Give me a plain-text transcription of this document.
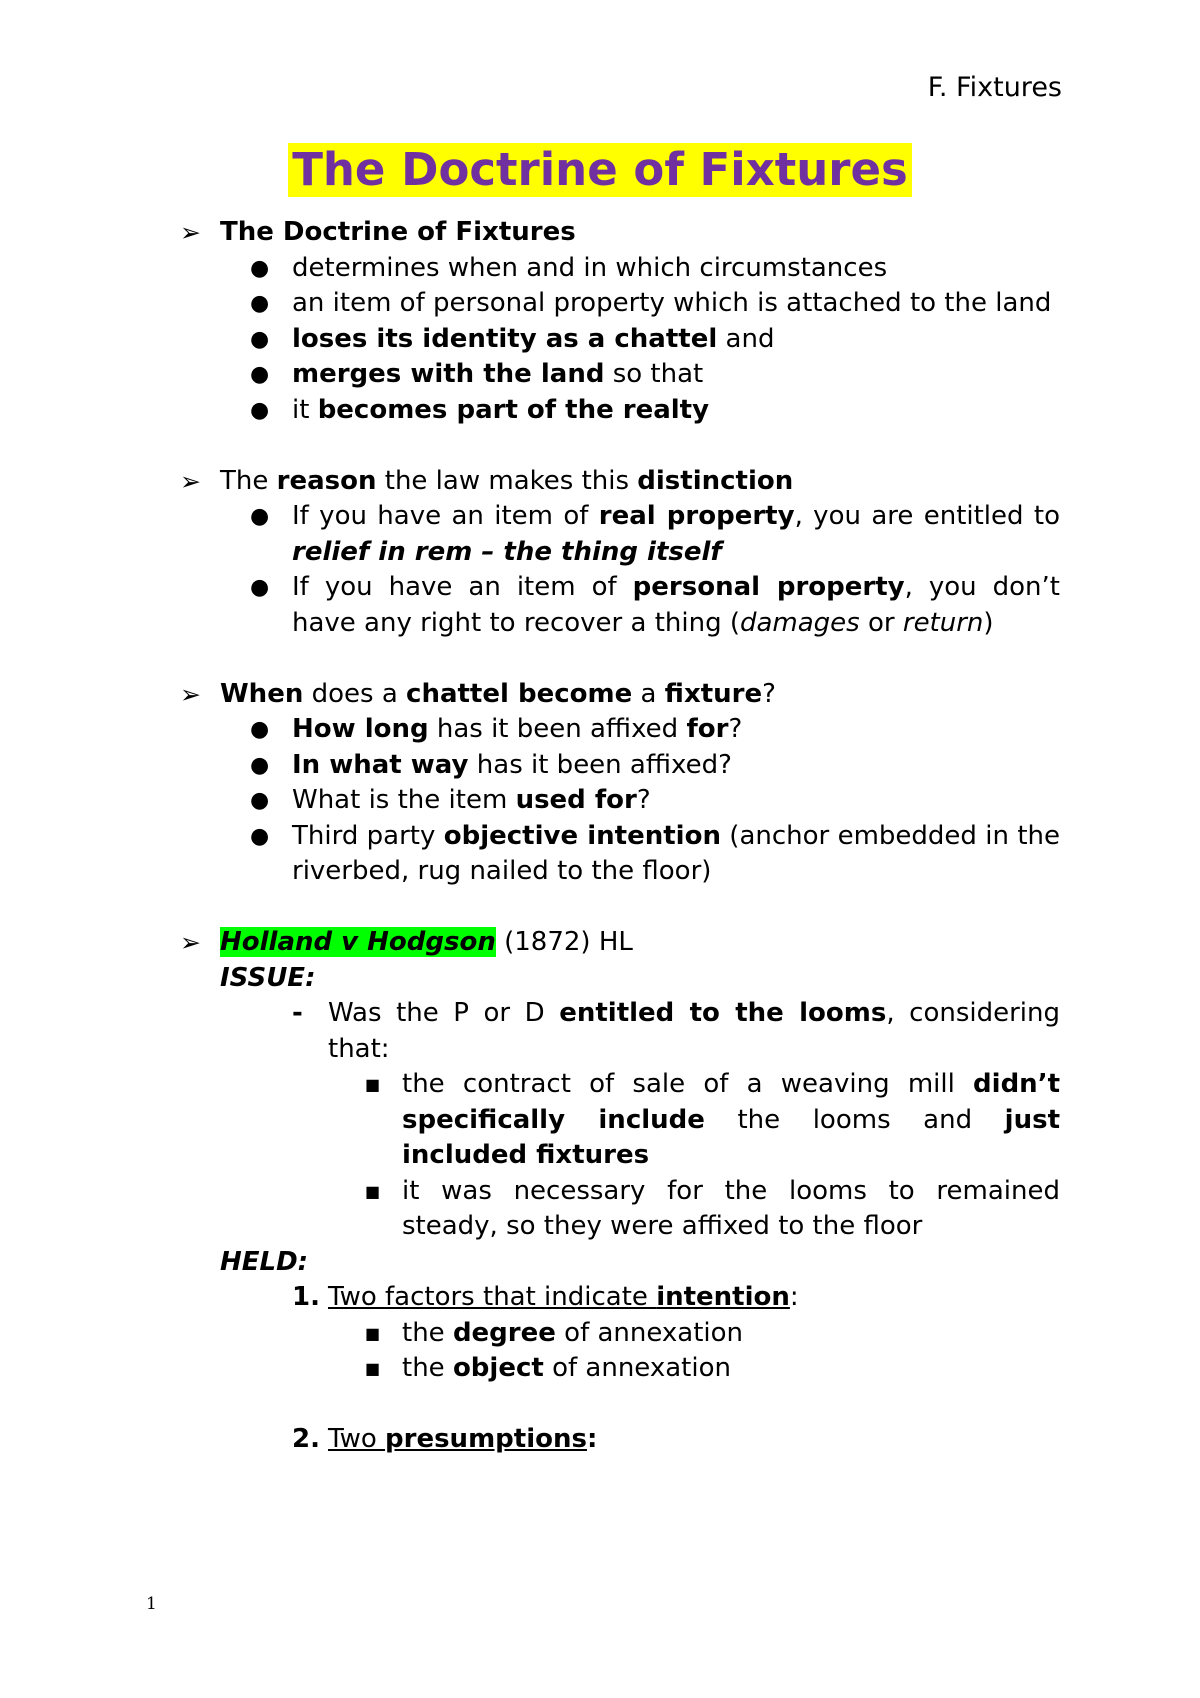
F. Fixtures
The Doctrine of Fixtures
➢ The Doctrine of Fixtures
● determines when and in which circumstances
● an item of personal property which is attached to the land
● loses its identity as a chattel and
● merges with the land so that
● it becomes part of the realty
➢ The reason the law makes this distinction
● If you have an item of real property, you are entitled to relief in rem – the thing itself
● If you have an item of personal property, you don’t have any right to recover a thing (damages or return)
➢ When does a chattel become a fixture?
● How long has it been affixed for?
● In what way has it been affixed?
● What is the item used for?
● Third party objective intention (anchor embedded in the riverbed, rug nailed to the floor)
➢ Holland v Hodgson (1872) HL
ISSUE:
- Was the P or D entitled to the looms, considering that:
■ the contract of sale of a weaving mill didn’t specifically include the looms and just included fixtures
■ it was necessary for the looms to remained steady, so they were affixed to the floor
HELD:
1. Two factors that indicate intention:
■ the degree of annexation
■ the object of annexation
2. Two presumptions:
1
